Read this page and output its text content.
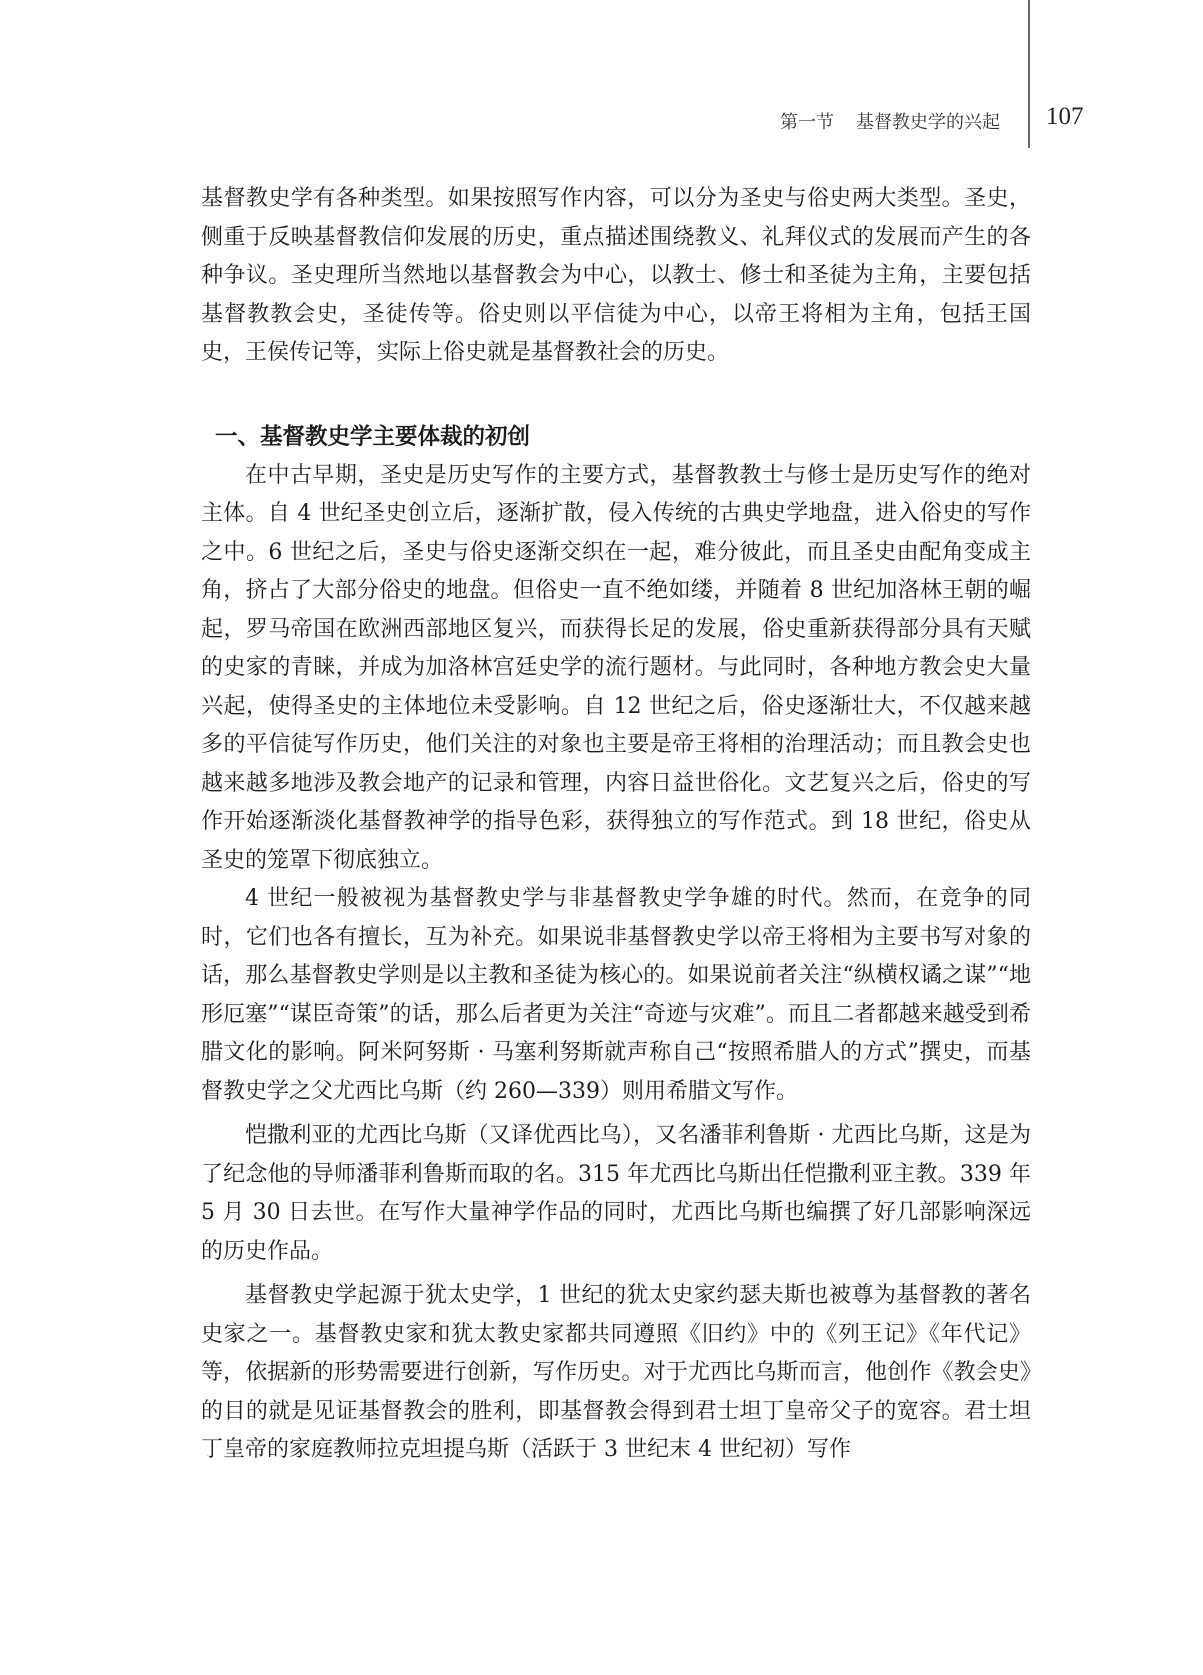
第一节 基督教史学的兴起 107

基督教史学有各种类型。如果按照写作内容，可以分为圣史与俗史两大类型。圣史，侧重于反映基督教信仰发展的历史，重点描述围绕教义、礼拜仪式的发展而产生的各种争议。圣史理所当然地以基督教会为中心，以教士、修士和圣徒为主角，主要包括基督教教会史，圣徒传等。俗史则以平信徒为中心，以帝王将相为主角，包括王国史，王侯传记等，实际上俗史就是基督教社会的历史。

一、基督教史学主要体裁的初创

在中古早期，圣史是历史写作的主要方式，基督教教士与修士是历史写作的绝对主体。自 4 世纪圣史创立后，逐渐扩散，侵入传统的古典史学地盘，进入俗史的写作之中。6 世纪之后，圣史与俗史逐渐交织在一起，难分彼此，而且圣史由配角变成主角，挤占了大部分俗史的地盘。但俗史一直不绝如缕，并随着 8 世纪加洛林王朝的崛起，罗马帝国在欧洲西部地区复兴，而获得长足的发展，俗史重新获得部分具有天赋的史家的青睐，并成为加洛林宫廷史学的流行题材。与此同时，各种地方教会史大量兴起，使得圣史的主体地位未受影响。自 12 世纪之后，俗史逐渐壮大，不仅越来越多的平信徒写作历史，他们关注的对象也主要是帝王将相的治理活动；而且教会史也越来越多地涉及教会地产的记录和管理，内容日益世俗化。文艺复兴之后，俗史的写作开始逐渐淡化基督教神学的指导色彩，获得独立的写作范式。到 18 世纪，俗史从圣史的笼罩下彻底独立。

4 世纪一般被视为基督教史学与非基督教史学争雄的时代。然而，在竞争的同时，它们也各有擅长，互为补充。如果说非基督教史学以帝王将相为主要书写对象的话，那么基督教史学则是以主教和圣徒为核心的。如果说前者关注“纵横权谲之谋”“地形厄塞”“谋臣奇策”的话，那么后者更为关注“奇迹与灾难”。而且二者都越来越受到希腊文化的影响。阿米阿努斯 · 马塞利努斯就声称自己“按照希腊人的方式”撰史，而基督教史学之父尤西比乌斯（约 260—339）则用希腊文写作。

恺撒利亚的尤西比乌斯（又译优西比乌），又名潘菲利鲁斯 · 尤西比乌斯，这是为了纪念他的导师潘菲利鲁斯而取的名。315 年尤西比乌斯出任恺撒利亚主教。339 年 5 月 30 日去世。在写作大量神学作品的同时，尤西比乌斯也编撰了好几部影响深远的历史作品。

基督教史学起源于犹太史学，1 世纪的犹太史家约瑟夫斯也被尊为基督教的著名史家之一。基督教史家和犹太教史家都共同遵照《旧约》中的《列王记》《年代记》等，依据新的形势需要进行创新，写作历史。对于尤西比乌斯而言，他创作《教会史》的目的就是见证基督教会的胜利，即基督教会得到君士坦丁皇帝父子的宽容。君士坦丁皇帝的家庭教师拉克坦提乌斯（活跃于 3 世纪末 4 世纪初）写作
